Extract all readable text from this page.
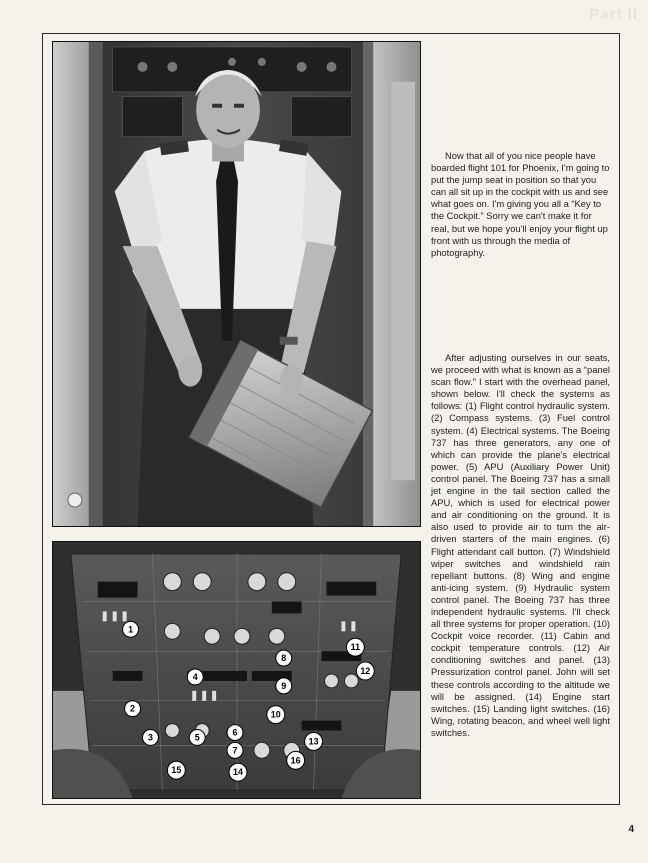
Part II
1
2
3
4
5	6
7
8
9
10
11
12
13
14
15
16

Now that all of you nice people have boarded flight 101 for Phoenix, I'm going to put the jump seat in position so that you can all sit up in the cockpit with us and see what goes on. I'm giving you all a “Key to the Cockpit.” Sorry we can't make it for real, but we hope you'll enjoy your flight up front with us through the media of photography.

After adjusting ourselves in our seats, we proceed with what is known as a “panel scan flow.” I start with the overhead panel, shown below. I'll check the systems as follows: (1) Flight control hydraulic system. (2) Compass systems. (3) Fuel control system. (4) Electrical systems. The Boeing 737 has three generators, any one of which can provide the plane's electrical power. (5) APU (Auxiliary Power Unit) control panel. The Boeing 737 has a small jet engine in the tail section called the APU, which is used for electrical power and air conditioning on the ground. It is also used to provide air to turn the air-driven starters of the main engines. (6) Flight attendant call button. (7) Windshield wiper switches and windshield rain repellant buttons. (8) Wing and engine anti-icing system. (9) Hydraulic system control panel. The Boeing 737 has three independent hydraulic systems. I'll check all three systems for proper operation. (10) Cockpit voice recorder. (11) Cabin and cockpit temperature controls. (12) Air conditioning switches and panel. (13) Pressurization control panel. John will set these controls according to the altitude we will be assigned. (14) Engine start switches. (15) Landing light switches. (16) Wing, rotating beacon, and wheel well light switches.

4
